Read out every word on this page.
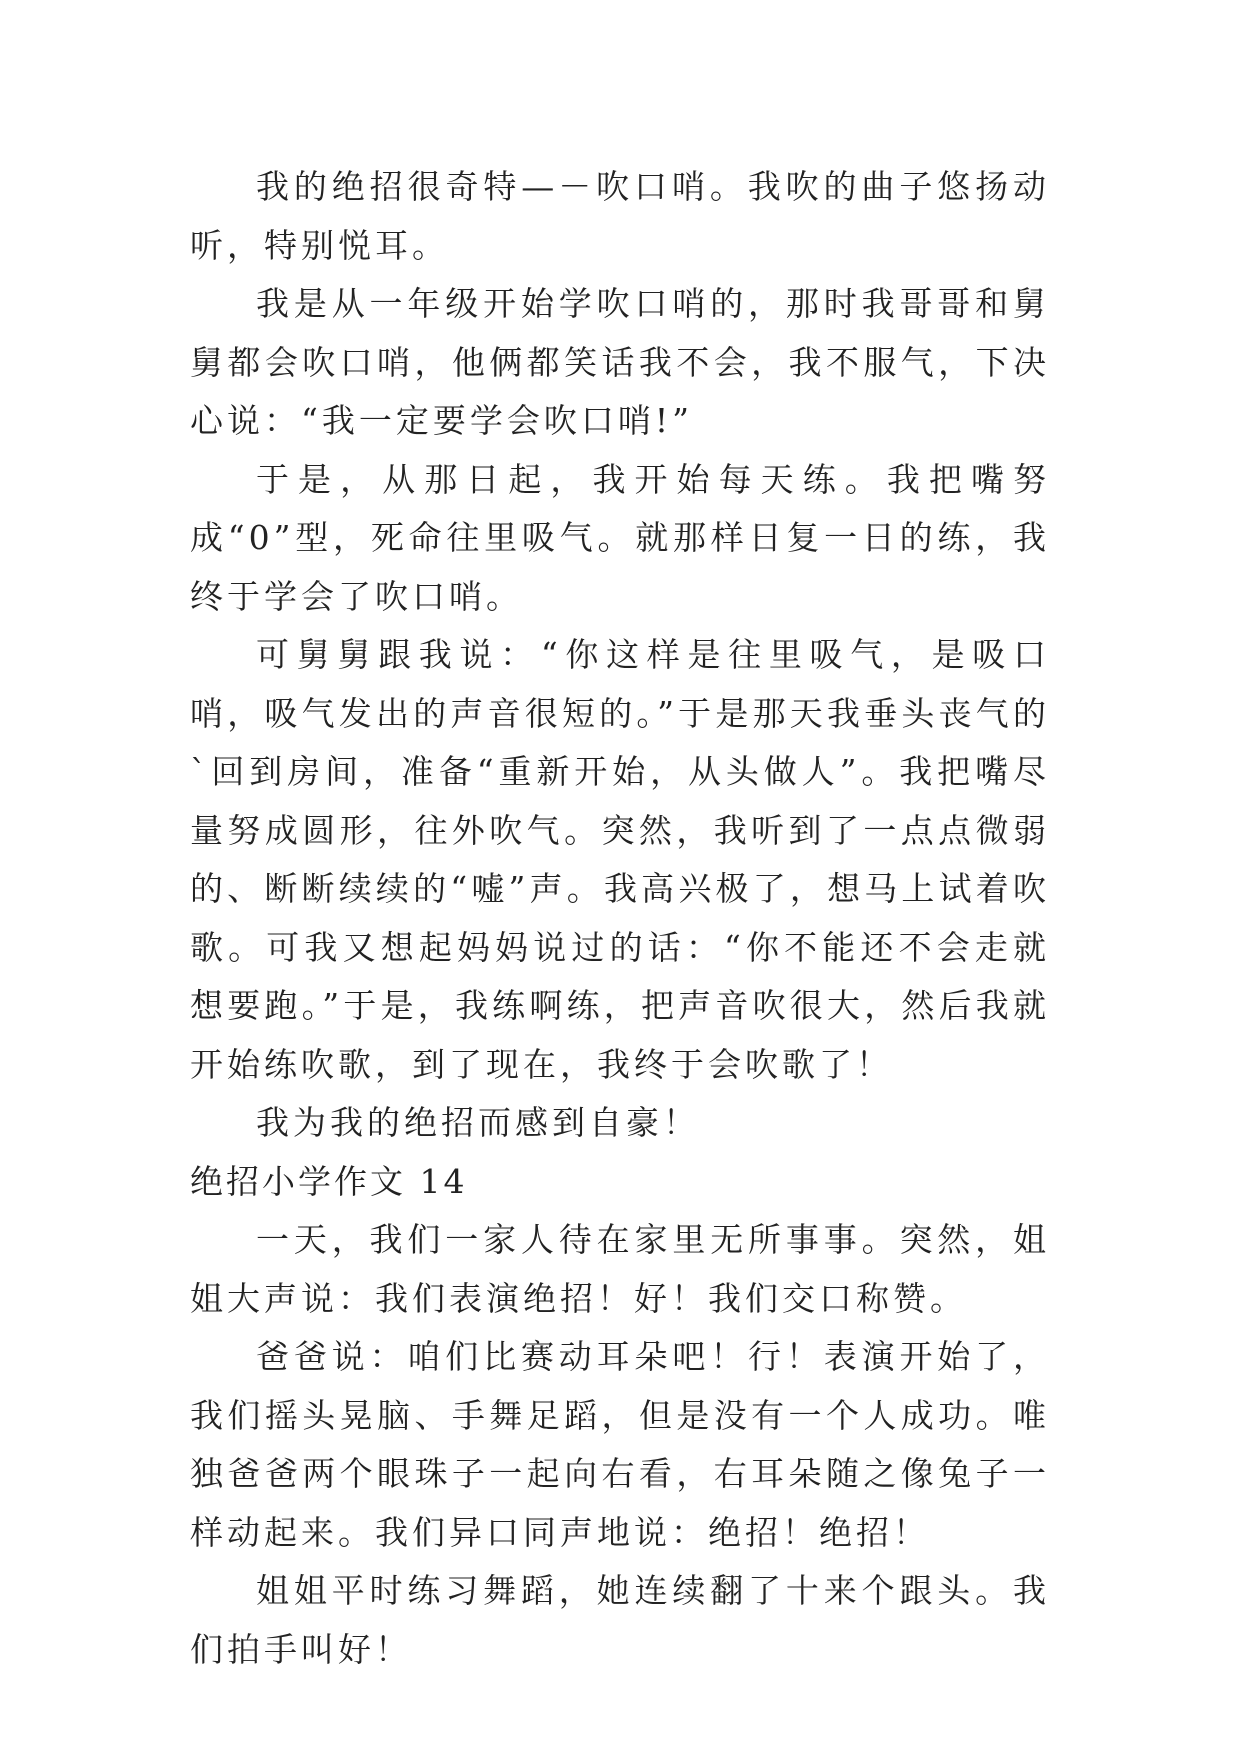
我的绝招很奇特—－吹口哨。我吹的曲子悠扬动听，特别悦耳。

我是从一年级开始学吹口哨的，那时我哥哥和舅舅都会吹口哨，他俩都笑话我不会，我不服气，下决心说：“我一定要学会吹口哨!”

于是，从那日起，我开始每天练。我把嘴努成“0”型，死命往里吸气。就那样日复一日的练，我终于学会了吹口哨。

可舅舅跟我说：“你这样是往里吸气，是吸口哨，吸气发出的声音很短的。”于是那天我垂头丧气的`回到房间，准备“重新开始，从头做人”。我把嘴尽量努成圆形，往外吹气。突然，我听到了一点点微弱的、断断续续的“嘘”声。我高兴极了，想马上试着吹歌。可我又想起妈妈说过的话：“你不能还不会走就想要跑。”于是，我练啊练，把声音吹很大，然后我就开始练吹歌，到了现在，我终于会吹歌了！

我为我的绝招而感到自豪！

绝招小学作文 14

一天，我们一家人待在家里无所事事。突然，姐姐大声说：我们表演绝招！好！我们交口称赞。

爸爸说：咱们比赛动耳朵吧！行！表演开始了，我们摇头晃脑、手舞足蹈，但是没有一个人成功。唯独爸爸两个眼珠子一起向右看，右耳朵随之像兔子一样动起来。我们异口同声地说：绝招！绝招！

姐姐平时练习舞蹈，她连续翻了十来个跟头。我们拍手叫好！
